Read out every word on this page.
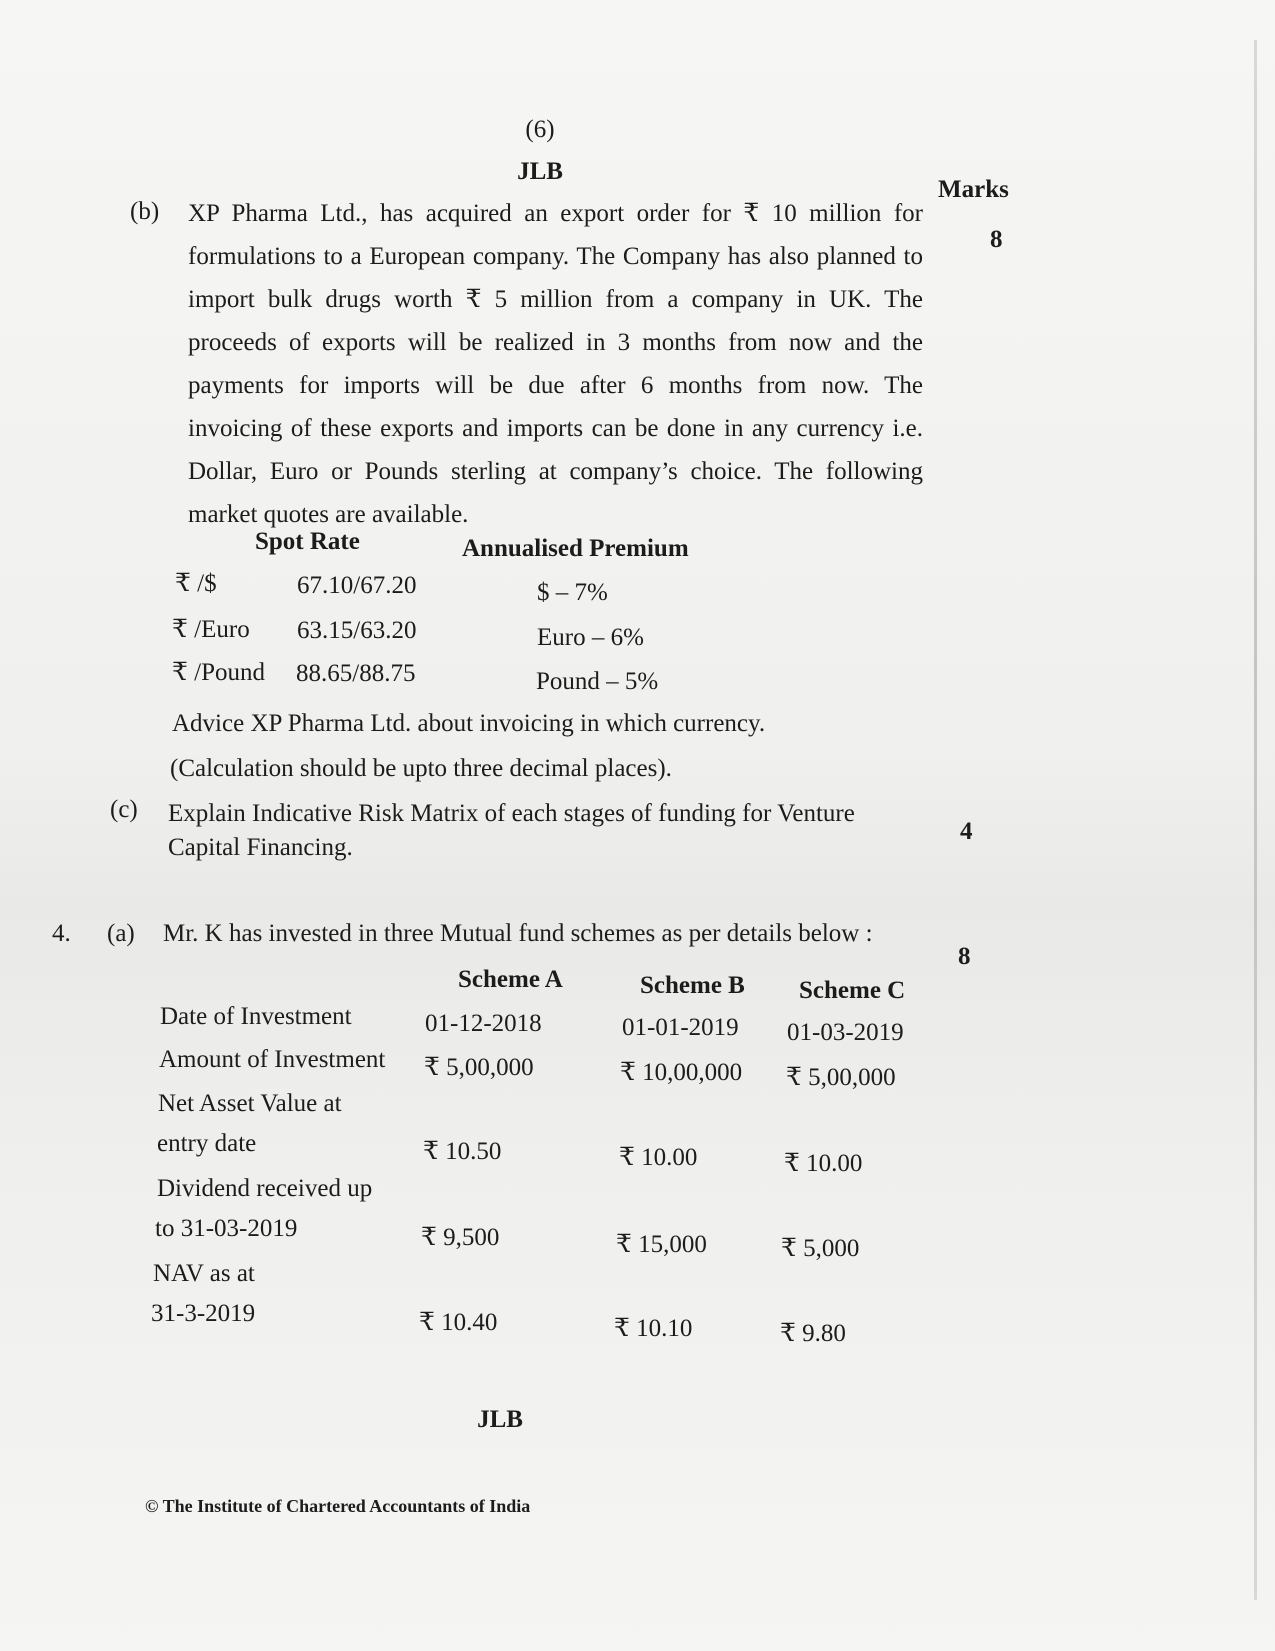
(6)
JLB
Marks
(b)
8
XP Pharma Ltd., has acquired an export order for ₹ 10 million for formulations to a European company. The Company has also planned to import bulk drugs worth ₹ 5 million from a company in UK. The proceeds of exports will be realized in 3 months from now and the payments for imports will be due after 6 months from now. The invoicing of these exports and imports can be done in any currency i.e. Dollar, Euro or Pounds sterling at company’s choice. The following market quotes are available.
Spot Rate	Annualised Premium
₹ /$	67.10/67.20	$ – 7%
₹ /Euro 63.15/63.20	Euro – 6%
₹ /Pound 88.65/88.75	Pound – 5%
Advice XP Pharma Ltd. about invoicing in which currency.
(Calculation should be upto three decimal places).
(c) Explain Indicative Risk Matrix of each stages of funding for Venture
Capital Financing.
4
4. (a) Mr. K has invested in three Mutual fund schemes as per details below :
8
Scheme A	Scheme B Scheme C
Date of Investment	01-12-2018	01-01-2019 01-03-2019
Amount of Investment ₹ 5,00,000	₹ 10,00,000 ₹ 5,00,000
Net Asset Value at
entry date	₹ 10.50	₹ 10.00	₹ 10.00
Dividend received up
to 31-03-2019	₹ 9,500	₹ 15,000	₹ 5,000
NAV as at
31-3-2019	₹ 10.40	₹ 10.10	₹ 9.80
JLB
© The Institute of Chartered Accountants of India
